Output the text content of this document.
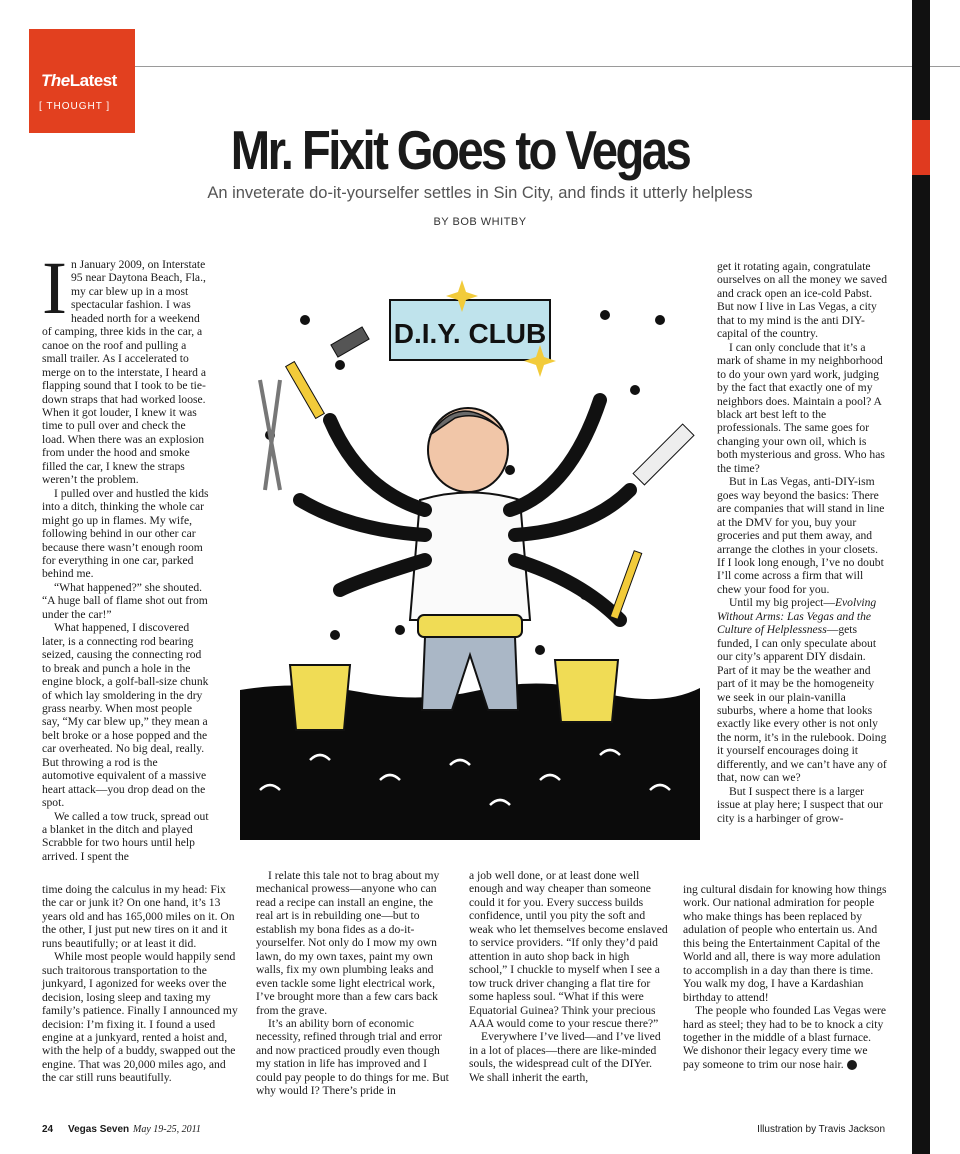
TheLatest
[ THOUGHT ]
Mr. Fixit Goes to Vegas
An inveterate do-it-yourselfer settles in Sin City, and finds it utterly helpless
BY BOB WHITBY
D.I.Y. CLUB

In January 2009, on Interstate 95 near Daytona Beach, Fla., my car blew up in a most spectacular fashion. I was headed north for a weekend of camping, three kids in the car, a canoe on the roof and pulling a small trailer. As I accelerated to merge on to the interstate, I heard a flapping sound that I took to be tie-down straps that had worked loose. When it got louder, I knew it was time to pull over and check the load. When there was an explosion from under the hood and smoke filled the car, I knew the straps weren’t the problem.

I pulled over and hustled the kids into a ditch, thinking the whole car might go up in flames. My wife, following behind in our other car because there wasn’t enough room for everything in one car, parked behind me.

“What happened?” she shouted. “A huge ball of flame shot out from under the car!”

What happened, I discovered later, is a connecting rod bearing seized, causing the connecting rod to break and punch a hole in the engine block, a golf-ball-size chunk of which lay smoldering in the dry grass nearby. When most people say, “My car blew up,” they mean a belt broke or a hose popped and the car overheated. No big deal, really. But throwing a rod is the automotive equivalent of a massive heart attack—you drop dead on the spot.

We called a tow truck, spread out a blanket in the ditch and played Scrabble for two hours until help arrived. I spent the

time doing the calculus in my head: Fix the car or junk it? On one hand, it’s 13 years old and has 165,000 miles on it. On the other, I just put new tires on it and it runs beautifully; or at least it did.

While most people would happily send such traitorous transportation to the junkyard, I agonized for weeks over the decision, losing sleep and taxing my family’s patience. Finally I announced my decision: I’m fixing it. I found a used engine at a junkyard, rented a hoist and, with the help of a buddy, swapped out the engine. That was 20,000 miles ago, and the car still runs beautifully.

I relate this tale not to brag about my mechanical prowess—anyone who can read a recipe can install an engine, the real art is in rebuilding one—but to establish my bona fides as a do-it-yourselfer. Not only do I mow my own lawn, do my own taxes, paint my own walls, fix my own plumbing leaks and even tackle some light electrical work, I’ve brought more than a few cars back from the grave.

It’s an ability born of economic necessity, refined through trial and error and now practiced proudly even though my station in life has improved and I could pay people to do things for me. But why would I? There’s pride in

a job well done, or at least done well enough and way cheaper than someone could it for you. Every success builds confidence, until you pity the soft and weak who let themselves become enslaved to service providers. “If only they’d paid attention in auto shop back in high school,” I chuckle to myself when I see a tow truck driver changing a flat tire for some hapless soul. “What if this were Equatorial Guinea? Think your precious AAA would come to your rescue there?”

Everywhere I’ve lived—and I’ve lived in a lot of places—there are like-minded souls, the widespread cult of the DIYer. We shall inherit the earth,

get it rotating again, congratulate ourselves on all the money we saved and crack open an ice-cold Pabst. But now I live in Las Vegas, a city that to my mind is the anti DIY-capital of the country.

I can only conclude that it’s a mark of shame in my neighborhood to do your own yard work, judging by the fact that exactly one of my neighbors does. Maintain a pool? A black art best left to the professionals. The same goes for changing your own oil, which is both mysterious and gross. Who has the time?

But in Las Vegas, anti-DIY-ism goes way beyond the basics: There are companies that will stand in line at the DMV for you, buy your groceries and put them away, and arrange the clothes in your closets. If I look long enough, I’ve no doubt I’ll come across a firm that will chew your food for you.

Until my big project—Evolving Without Arms: Las Vegas and the Culture of Helplessness—gets funded, I can only speculate about our city’s apparent DIY disdain. Part of it may be the weather and part of it may be the homogeneity we seek in our plain-vanilla suburbs, where a home that looks exactly like every other is not only the norm, it’s in the rulebook. Doing it yourself encourages doing it differently, and we can’t have any of that, now can we?

But I suspect there is a larger issue at play here; I suspect that our city is a harbinger of grow-

ing cultural disdain for knowing how things work. Our national admiration for people who make things has been replaced by adulation of people who entertain us. And this being the Entertainment Capital of the World and all, there is way more adulation to accomplish in a day than there is time. You walk my dog, I have a Kardashian birthday to attend!

The people who founded Las Vegas were hard as steel; they had to be to knock a city together in the middle of a blast furnace. We dishonor their legacy every time we pay someone to trim our nose hair.

24 Vegas Seven May 19-25, 2011	Illustration by Travis Jackson
